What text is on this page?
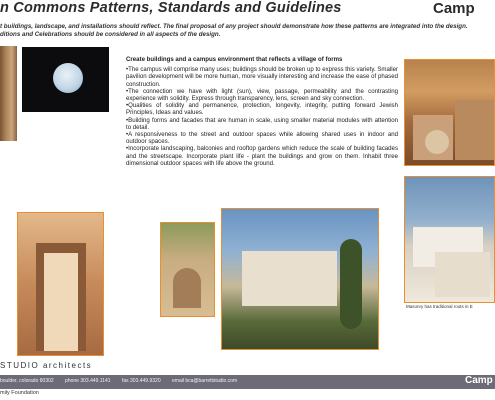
n Commons Patterns, Standards and Guidelines	Camp
t buildings, landscape, and installations should reflect. The final proposal of any project should demonstrate how these patterns are integrated into the design.
ditions and Celebrations should be considered in all aspects of the design.
Create buildings and a campus environment that reflects a village of forms
•The campus will comprise many uses; buildings should be broken up to express this variety. Smaller pavilion development will be more human, more visually interesting and increase the ease of phased construction.
•The connection we have with light (sun), view, passage, permeability and the contrasting experience with solidity. Express through transparency, lens, screen and sky connection.
•Qualities of solidity and permanence, protection, longevity, integrity, putting forward Jewish Principles, Ideas and values.
•Building forms and facades that are human in scale, using smaller material modules with attention to detail.
•A responsiveness to the street and outdoor spaces while allowing shared uses in indoor and outdoor spaces.
•Incorporate landscaping, balconies and rooftop gardens which reduce the scale of building facades and the streetscape. Incorporate plant life - plant the buildings and grow on them. Inhabit three dimensional outdoor spaces with life above the ground.
Masonry has traditional roots in E
STUDIO architects
boulder, colorado 80302 phone 303.449.1141 fax 303.449.9320 email bca@barrettstudio.com	Camp
mily Foundation
